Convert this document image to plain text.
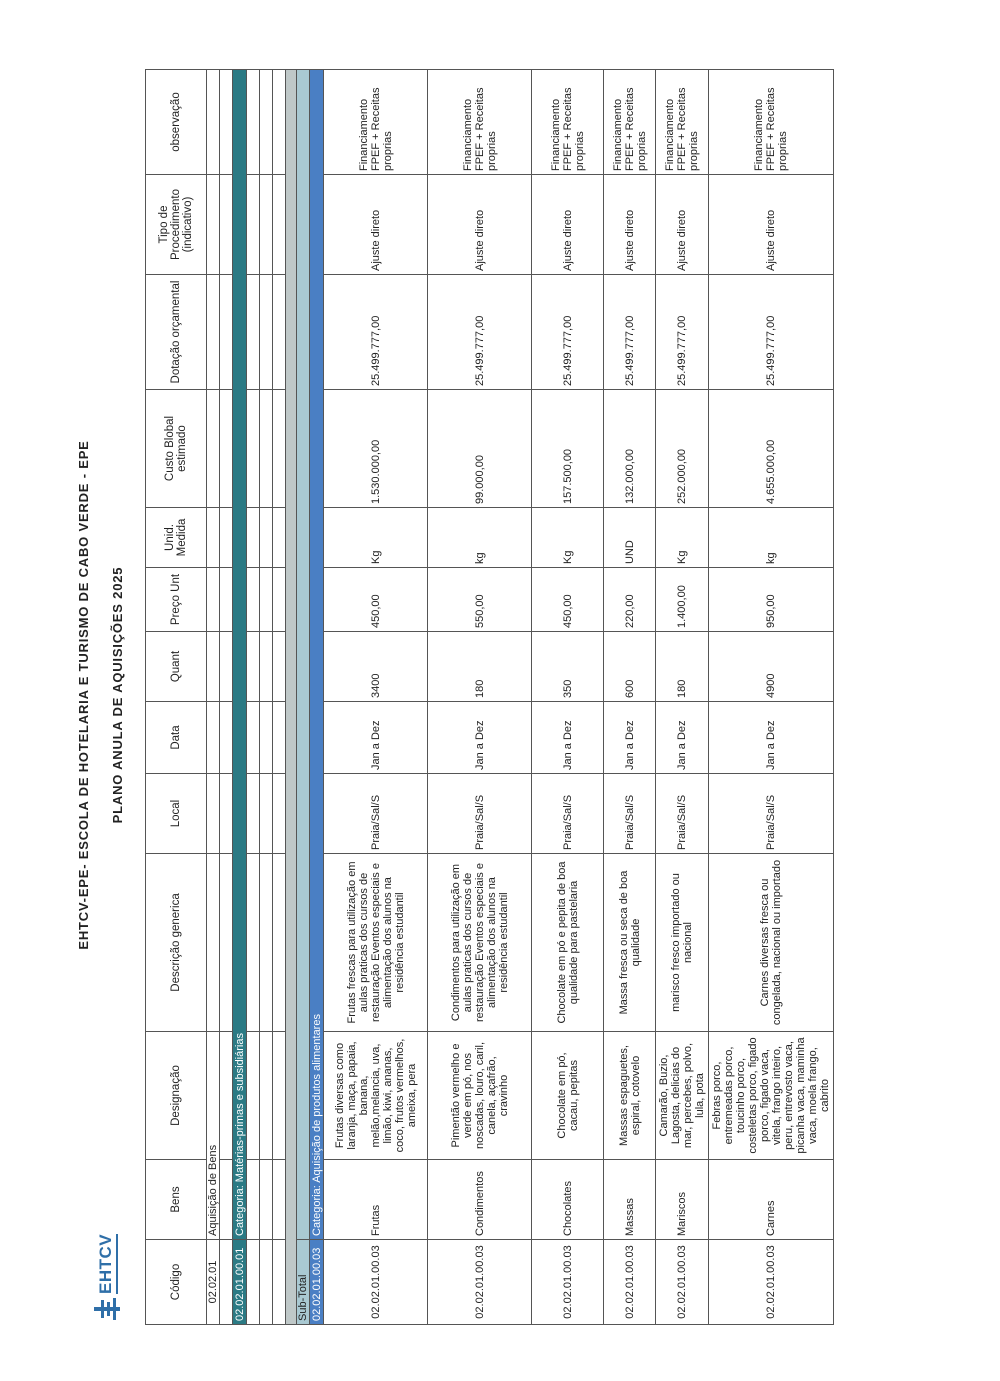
EHTCV
EHTCV-EPE- ESCOLA DE HOTELARIA E TURISMO DE CABO VERDE - EPE PLANO ANULA DE AQUISIÇÕES 2025
Código	Bens	Designação	Descrição generica	Local	Data	Quant	Preço Unt	Unid. Medida	Custo Blobal estimado	Dotação orçamental	Tipo de Procedimento (indicativo)	observação
02.02.01	Aquisição de Bens											

02.02.01.00.01	Categoria: Matérias-primas e subsidiárias											

Sub-Total												
02.02.01.00.03	Categoria: Aquisição de produtos alimentares											
02.02.01.00.03	Frutas	Frutas diversas como laranja, maça, papaia, banana, melão,melancia, uva, limão, kiwi, ananas, coco, frutos vermelhos, ameixa, pera	Frutas frescas para utilização em aulas praticas dos cursos de restauração Eventos especiais e alimentação dos alunos na residência estudantil	Praia/Sal/S	Jan a Dez	3400	450,00	Kg	1.530.000,00	25.499.777,00	Ajuste direto	Financiamento FPEF + Receitas proprias
02.02.01.00.03	Condimentos	Pimentão vermelho e verde em pó, nos noscadas, louro, caril, canela, açafrão, cravinho	Condimentos para utilização em aulas praticas dos cursos de restauração Eventos especiais e alimentação dos alunos na residência estudantil	Praia/Sal/S	Jan a Dez	180	550,00	kg	99.000,00	25.499.777,00	Ajuste direto	Financiamento FPEF + Receitas proprias
02.02.01.00.03	Chocolates	Chocolate em pó, cacau, pepitas	Chocolate em pó e pepita de boa qualidade para pastelaria	Praia/Sal/S	Jan a Dez	350	450,00	Kg	157.500,00	25.499.777,00	Ajuste direto	Financiamento FPEF + Receitas proprias
02.02.01.00.03	Massas	Massas espaguetes, espiral, cotovelo	Massa fresca ou seca de boa qualidade	Praia/Sal/S	Jan a Dez	600	220,00	UND	132.000,00	25.499.777,00	Ajuste direto	Financiamento FPEF + Receitas proprias
02.02.01.00.03	Mariscos	Camarão, Buzio, Lagosta, delicias do mar, percebes, polvo, lula, pota	marisco fresco importado ou nacional	Praia/Sal/S	Jan a Dez	180	1.400,00	Kg	252.000,00	25.499.777,00	Ajuste direto	Financiamento FPEF + Receitas proprias
02.02.01.00.03	Carnes	Febras porco, entremeadas porco, toucinho porco, costeletas porco, figado porco, figado vaca, vitela, frango inteiro, peru, entrevosto vaca, picanha vaca, maminha vaca, moela frango, cabrito	Carnes diversas fresca ou congelada, nacional ou importado	Praia/Sal/S	Jan a Dez	4900	950,00	kg	4.655.000,00	25.499.777,00	Ajuste direto	Financiamento FPEF + Receitas proprias
